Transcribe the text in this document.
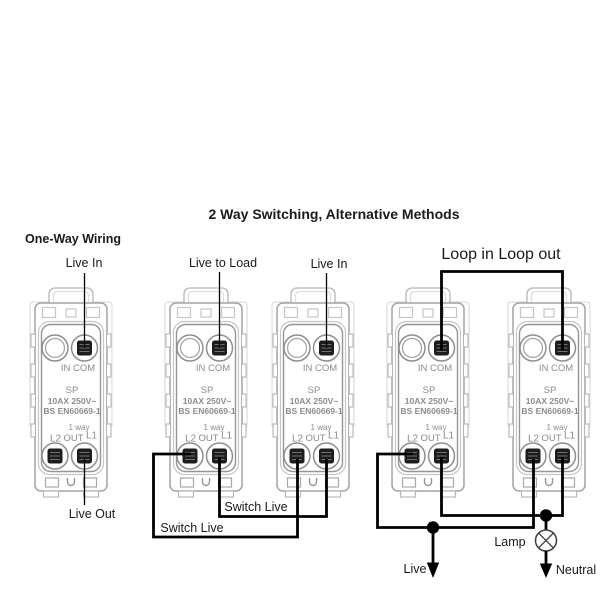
IN COM
SP
10AX 250V~
BS EN60669-1
1 way
L2 OUT L1
One-Way Wiring
2 Way Switching, Alternative Methods
Loop in Loop out
Live In
Live Out
Live to Load	Live In
Switch Live
Switch Live
Live
Lamp
Neutral
